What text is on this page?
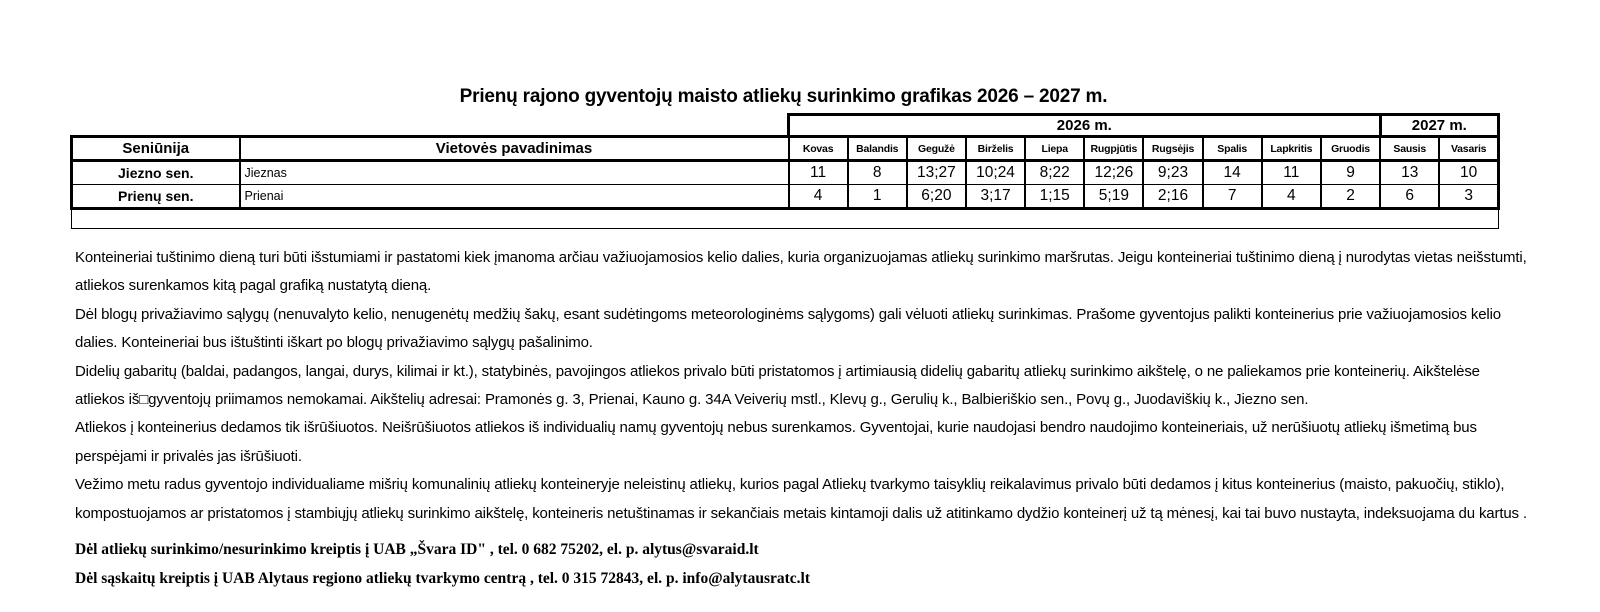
Prienų rajono gyventojų maisto atliekų surinkimo grafikas 2026 – 2027 m.
		2026 m.										2027 m.	
Seniūnija	Vietovės pavadinimas	Kovas	Balandis	Gegužė	Birželis	Liepa	Rugpjūtis	Rugsėjis	Spalis	Lapkritis	Gruodis	Sausis	Vasaris
Jiezno sen.	Jieznas	11	8	13;27	10;24	8;22	12;26	9;23	14	11	9	13	10
Prienų sen.	Prienai	4	1	6;20	3;17	1;15	5;19	2;16	7	4	2	6	3

Konteineriai tuštinimo dieną turi būti išstumiami ir pastatomi kiek įmanoma arčiau važiuojamosios kelio dalies, kuria organizuojamas atliekų surinkimo maršrutas. Jeigu konteineriai tuštinimo dieną į nurodytas vietas neišstumti, atliekos surenkamos kitą pagal grafiką nustatytą dieną.

Dėl blogų privažiavimo sąlygų (nenuvalyto kelio, nenugenėtų medžių šakų, esant sudėtingoms meteorologinėms sąlygoms) gali vėluoti atliekų surinkimas. Prašome gyventojus palikti konteinerius prie važiuojamosios kelio dalies. Konteineriai bus ištuštinti iškart po blogų privažiavimo sąlygų pašalinimo.

Didelių gabaritų (baldai, padangos, langai, durys, kilimai ir kt.), statybinės, pavojingos atliekos privalo būti pristatomos į artimiausią didelių gabaritų atliekų surinkimo aikštelę, o ne paliekamos prie konteinerių. Aikštelėse atliekos iš□gyventojų priimamos nemokamai. Aikštelių adresai: Pramonės g. 3, Prienai, Kauno g. 34A Veiverių mstl., Klevų g., Gerulių k., Balbieriškio sen., Povų g., Juodaviškių k., Jiezno sen.

Atliekos į konteinerius dedamos tik išrūšiuotos. Neišrūšiuotos atliekos iš individualių namų gyventojų nebus surenkamos. Gyventojai, kurie naudojasi bendro naudojimo konteineriais, už nerūšiuotų atliekų išmetimą bus perspėjami ir privalės jas išrūšiuoti.

Vežimo metu radus gyventojo individualiame mišrių komunalinių atliekų konteineryje neleistinų atliekų, kurios pagal Atliekų tvarkymo taisyklių reikalavimus privalo būti dedamos į kitus konteinerius (maisto, pakuočių, stiklo), kompostuojamos ar pristatomos į stambiųjų atliekų surinkimo aikštelę, konteineris netuštinamas ir sekančiais metais kintamoji dalis už atitinkamo dydžio konteinerį už tą mėnesį, kai tai buvo nustayta, indeksuojama du kartus .

Dėl atliekų surinkimo/nesurinkimo kreiptis į UAB „Švara ID" , tel. 0 682 75202, el. p. alytus@svaraid.lt

Dėl sąskaitų kreiptis į UAB Alytaus regiono atliekų tvarkymo centrą , tel. 0 315 72843, el. p. info@alytausratc.lt
